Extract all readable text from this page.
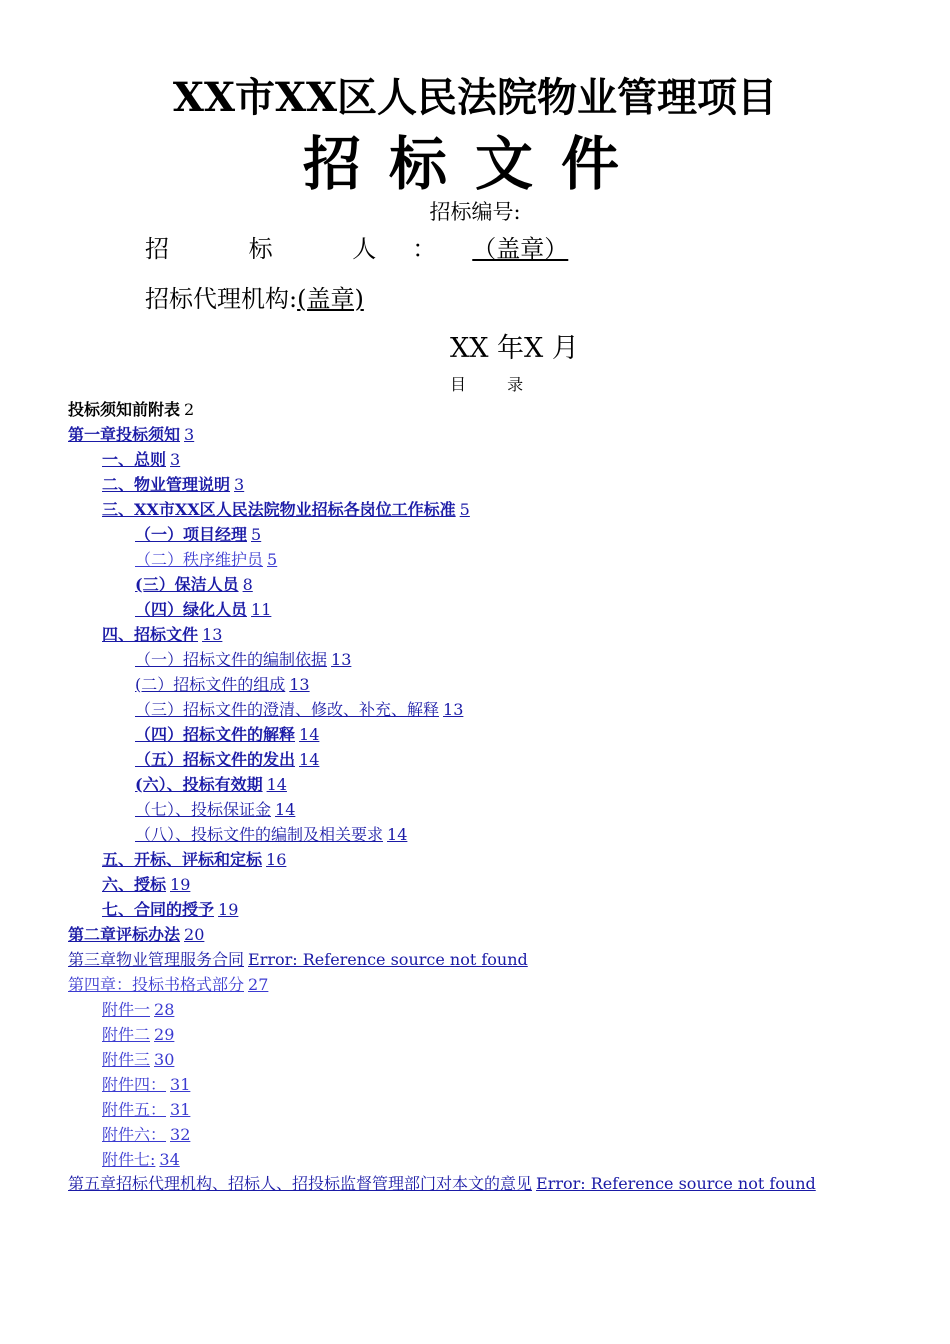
XX市XX区人民法院物业管理项目
招标文件
招标编号:
招 标 人：（盖章）
招标代理机构:(盖章)
XX 年X 月
目 录
投标须知前附表 2
第一章投标须知 3
一、总则 3
二、物业管理说明 3
三、XX市XX区人民法院物业招标各岗位工作标准 5
（一）项目经理 5
（二）秩序维护员 5
(三）保洁人员 8
（四）绿化人员 11
四、招标文件 13
（一）招标文件的编制依据 13
(二）招标文件的组成 13
（三）招标文件的澄清、修改、补充、解释 13
（四）招标文件的解释 14
（五）招标文件的发出 14
(六）、投标有效期 14
（七）、投标保证金 14
（八）、投标文件的编制及相关要求 14
五、开标、评标和定标 16
六、授标 19
七、合同的授予 19
第二章评标办法 20
第三章物业管理服务合同 Error: Reference source not found
第四章：投标书格式部分 27
附件一 28
附件二 29
附件三 30
附件四： 31
附件五： 31
附件六： 32
附件七: 34
第五章招标代理机构、招标人、招投标监督管理部门对本文的意见 Error: Reference source not found
